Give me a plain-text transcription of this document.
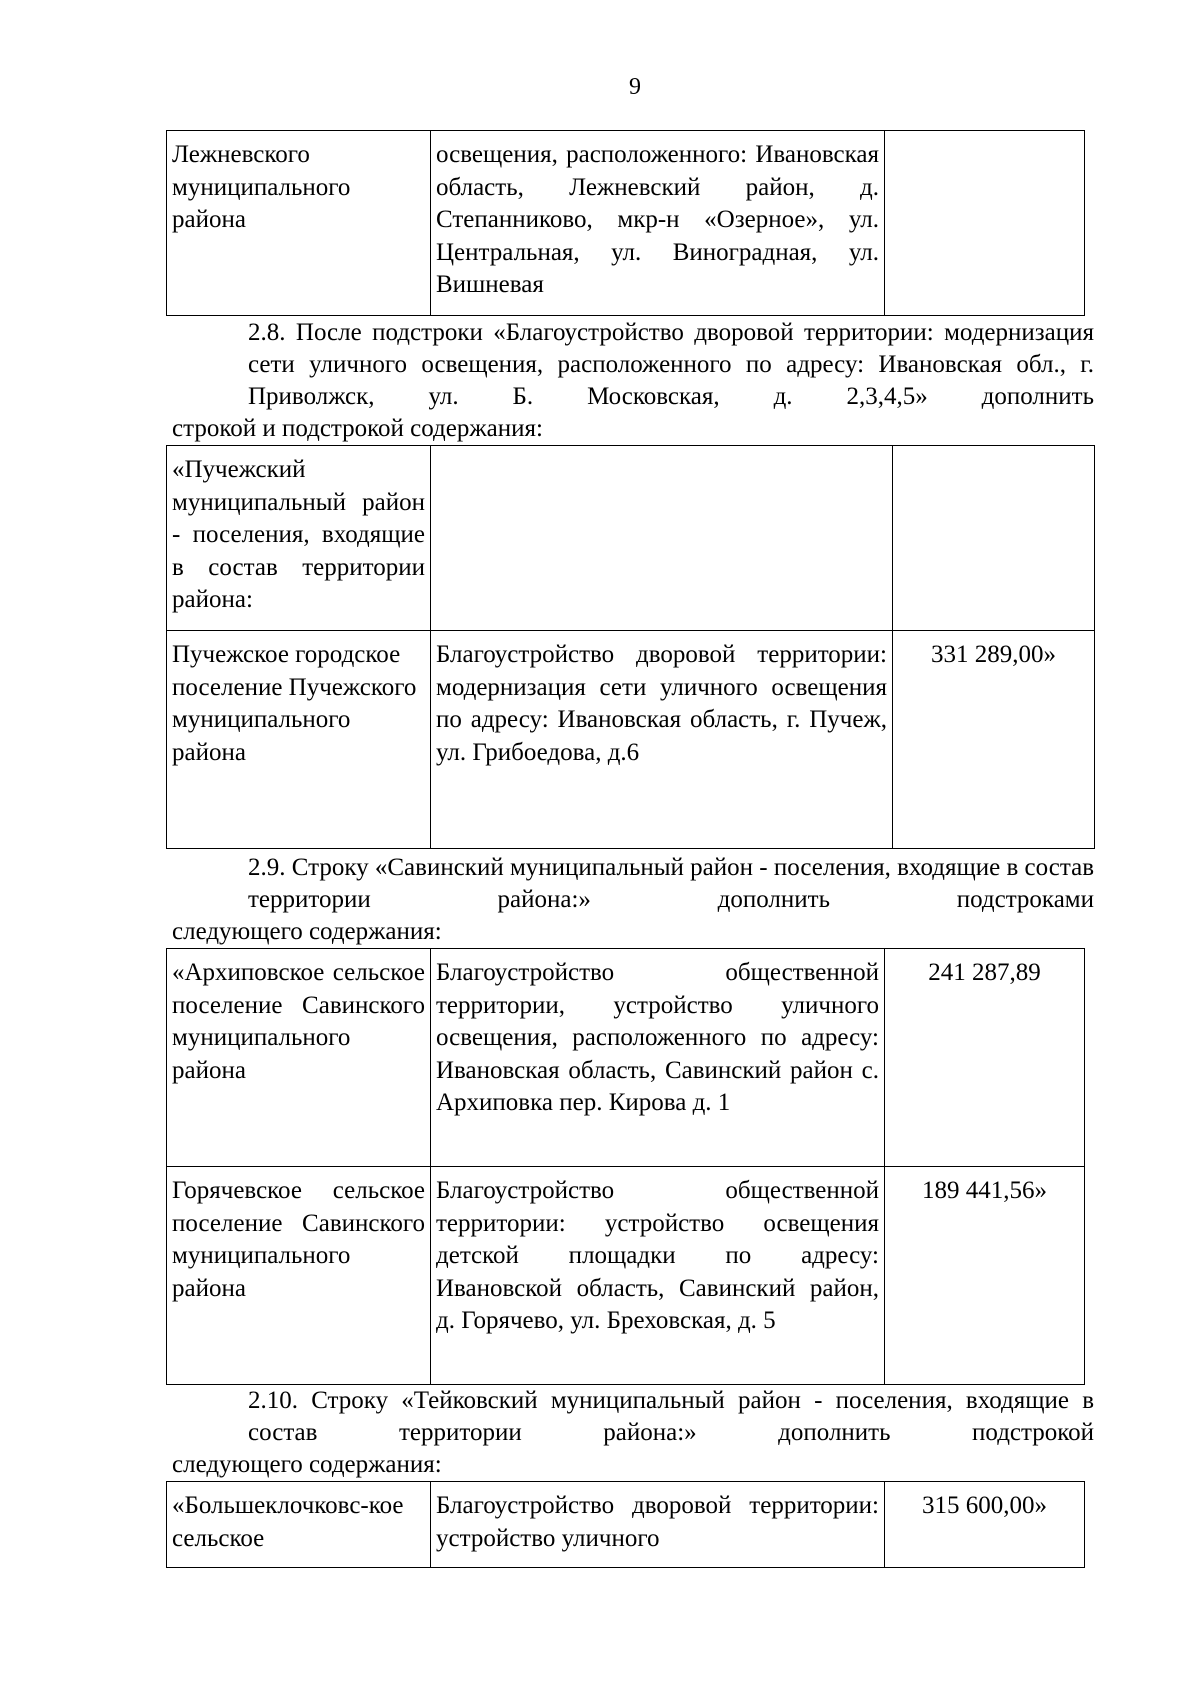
9
Лежневского муниципального района	освещения, расположенного: Ивановская область, Лежневский район, д. Степанниково, мкр-н «Озерное», ул. Центральная, ул. Виноградная, ул. Вишневая	
2.8. После подстроки «Благоустройство дворовой территории: модернизация сети уличного освещения, расположенного по адресу: Ивановская обл., г. Приволжск, ул. Б. Московская, д. 2,3,4,5» дополнить
строкой и подстрокой содержания:
«Пучежский муниципальный район - поселения, входящие в состав территории района:		
Пучежское городское поселение Пучежского муниципального района	Благоустройство дворовой территории: модернизация сети уличного освещения по адресу: Ивановская область, г. Пучеж, ул. Грибоедова, д.6	331 289,00»
2.9. Строку «Савинский муниципальный район - поселения, входящие в состав территории района:» дополнить подстроками
следующего содержания:
«Архиповское сельское поселение Савинского муниципального района	Благоустройство общественной территории, устройство уличного освещения, расположенного по адресу: Ивановская область, Савинский район с. Архиповка пер. Кирова д. 1	241 287,89
Горячевское сельское поселение Савинского муниципального района	Благоустройство общественной территории: устройство освещения детской площадки по адресу: Ивановской область, Савинский район, д. Горячево, ул. Бреховская, д. 5	189 441,56»
2.10. Строку «Тейковский муниципальный район - поселения, входящие в состав территории района:» дополнить подстрокой
следующего содержания:
«Большеклочковс-кое сельское	Благоустройство дворовой территории: устройство уличного	315 600,00»
